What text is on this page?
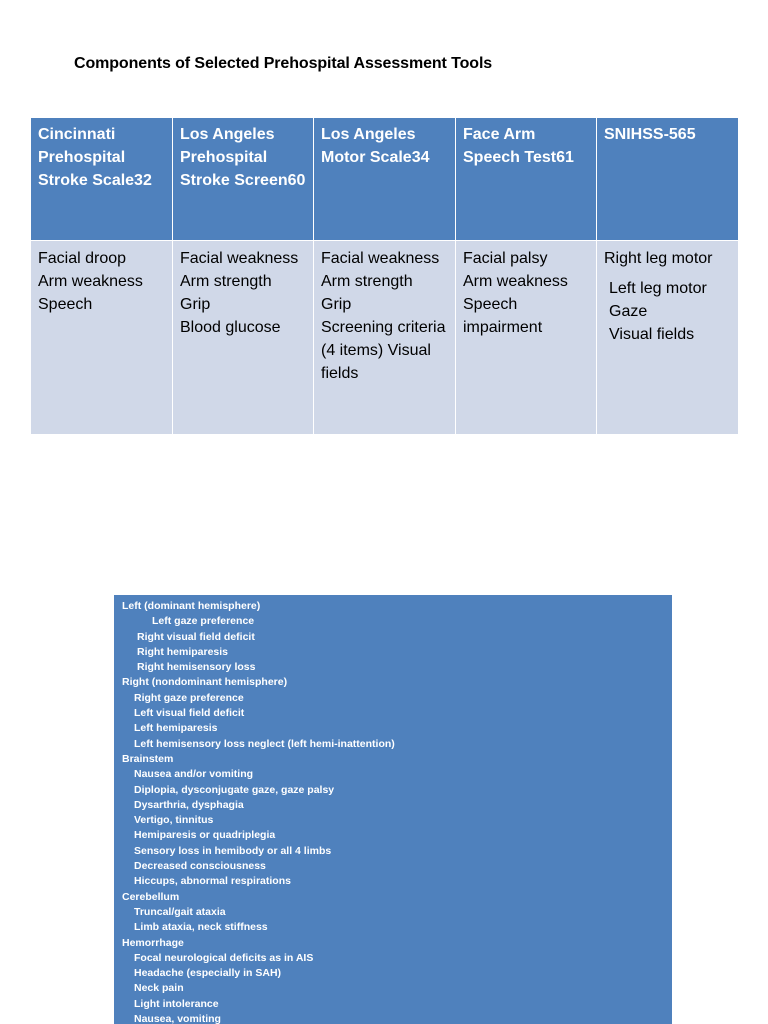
Components of Selected Prehospital Assessment Tools
Cincinnati Prehospital Stroke Scale32	Los Angeles Prehospital Stroke Screen60	Los Angeles Motor Scale34	Face Arm Speech Test61	SNIHSS-565

Facial droop
Arm weakness
Speech	Facial weakness
Arm strength
Grip
Blood glucose	Facial weakness
Arm strength
Grip
Screening criteria (4 items) Visual fields	Facial palsy
Arm weakness
Speech impairment	Right leg motor
Left leg motor
Gaze
Visual fields
Left (dominant hemisphere)
Left gaze preference
Right visual field deficit
Right hemiparesis
Right hemisensory loss
Right (nondominant hemisphere)
Right gaze preference
Left visual field deficit
Left hemiparesis
Left hemisensory loss neglect (left hemi-inattention)
Brainstem
Nausea and/or vomiting
Diplopia, dysconjugate gaze, gaze palsy
Dysarthria, dysphagia
Vertigo, tinnitus
Hemiparesis or quadriplegia
Sensory loss in hemibody or all 4 limbs
Decreased consciousness
Hiccups, abnormal respirations
Cerebellum
Truncal/gait ataxia
Limb ataxia, neck stiffness
Hemorrhage
Focal neurological deficits as in AIS
Headache (especially in SAH)
Neck pain
Light intolerance
Nausea, vomiting
